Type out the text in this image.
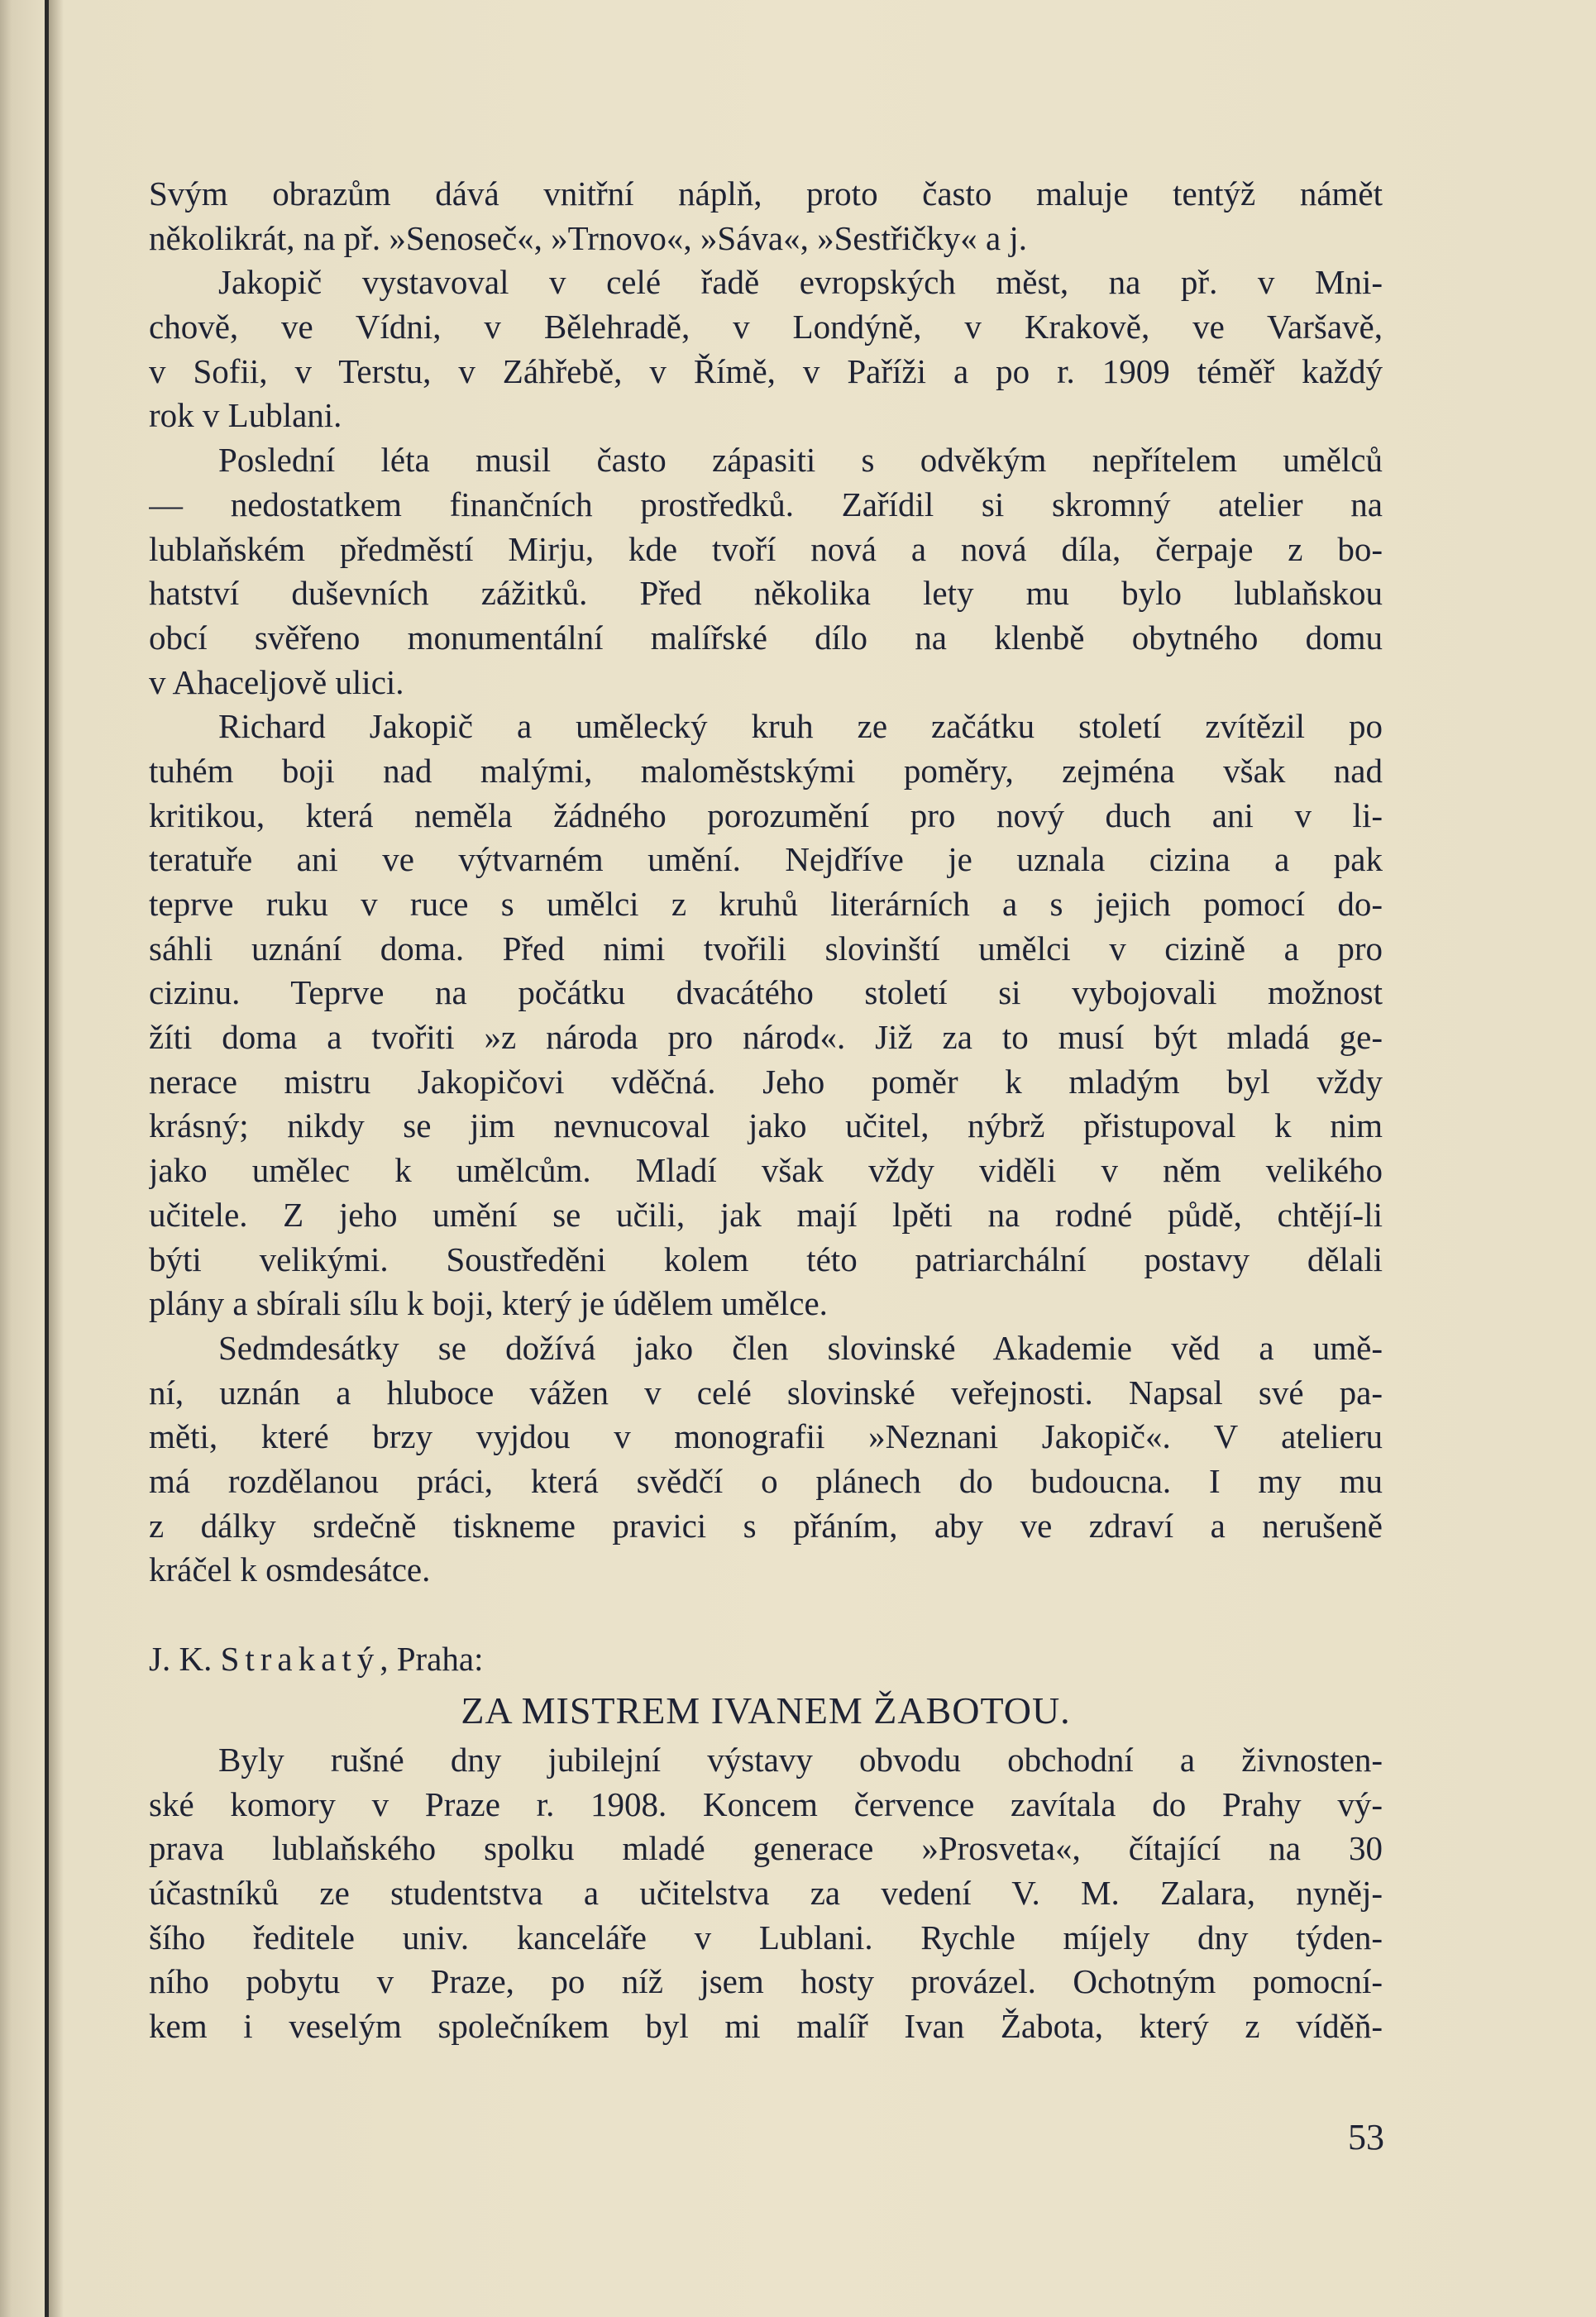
Svým obrazům dává vnitřní náplň, proto často maluje tentýž námět
několikrát, na př. »Senoseč«, »Trnovo«, »Sáva«, »Sestřičky« a j.
Jakopič vystavoval v celé řadě evropských měst, na př. v Mni-
chově, ve Vídni, v Bělehradě, v Londýně, v Krakově, ve Varšavě,
v Sofii, v Terstu, v Záhřebě, v Římě, v Paříži a po r. 1909 téměř každý
rok v Lublani.
Poslední léta musil často zápasiti s odvěkým nepřítelem umělců
— nedostatkem finančních prostředků. Zařídil si skromný atelier na
lublaňském předměstí Mirju, kde tvoří nová a nová díla, čerpaje z bo-
hatství duševních zážitků. Před několika lety mu bylo lublaňskou
obcí svěřeno monumentální malířské dílo na klenbě obytného domu
v Ahaceljově ulici.
Richard Jakopič a umělecký kruh ze začátku století zvítězil po
tuhém boji nad malými, maloměstskými poměry, zejména však nad
kritikou, která neměla žádného porozumění pro nový duch ani v li-
teratuře ani ve výtvarném umění. Nejdříve je uznala cizina a pak
teprve ruku v ruce s umělci z kruhů literárních a s jejich pomocí do-
sáhli uznání doma. Před nimi tvořili slovinští umělci v cizině a pro
cizinu. Teprve na počátku dvacátého století si vybojovali možnost
žíti doma a tvořiti »z národa pro národ«. Již za to musí být mladá ge-
nerace mistru Jakopičovi vděčná. Jeho poměr k mladým byl vždy
krásný; nikdy se jim nevnucoval jako učitel, nýbrž přistupoval k nim
jako umělec k umělcům. Mladí však vždy viděli v něm velikého
učitele. Z jeho umění se učili, jak mají lpěti na rodné půdě, chtějí-li
býti velikými. Soustředěni kolem této patriarchální postavy dělali
plány a sbírali sílu k boji, který je údělem umělce.
Sedmdesátky se dožívá jako člen slovinské Akademie věd a umě-
ní, uznán a hluboce vážen v celé slovinské veřejnosti. Napsal své pa-
měti, které brzy vyjdou v monografii »Neznani Jakopič«. V atelieru
má rozdělanou práci, která svědčí o plánech do budoucna. I my mu
z dálky srdečně tiskneme pravici s přáním, aby ve zdraví a nerušeně
kráčel k osmdesátce.
J. K. Strakatý, Praha:
ZA MISTREM IVANEM ŽABOTOU.
Byly rušné dny jubilejní výstavy obvodu obchodní a živnosten-
ské komory v Praze r. 1908. Koncem července zavítala do Prahy vý-
prava lublaňského spolku mladé generace »Prosveta«, čítající na 30
účastníků ze studentstva a učitelstva za vedení V. M. Zalara, nyněj-
šího ředitele univ. kanceláře v Lublani. Rychle míjely dny týden-
ního pobytu v Praze, po níž jsem hosty provázel. Ochotným pomocní-
kem i veselým společníkem byl mi malíř Ivan Žabota, který z víděň-
53
